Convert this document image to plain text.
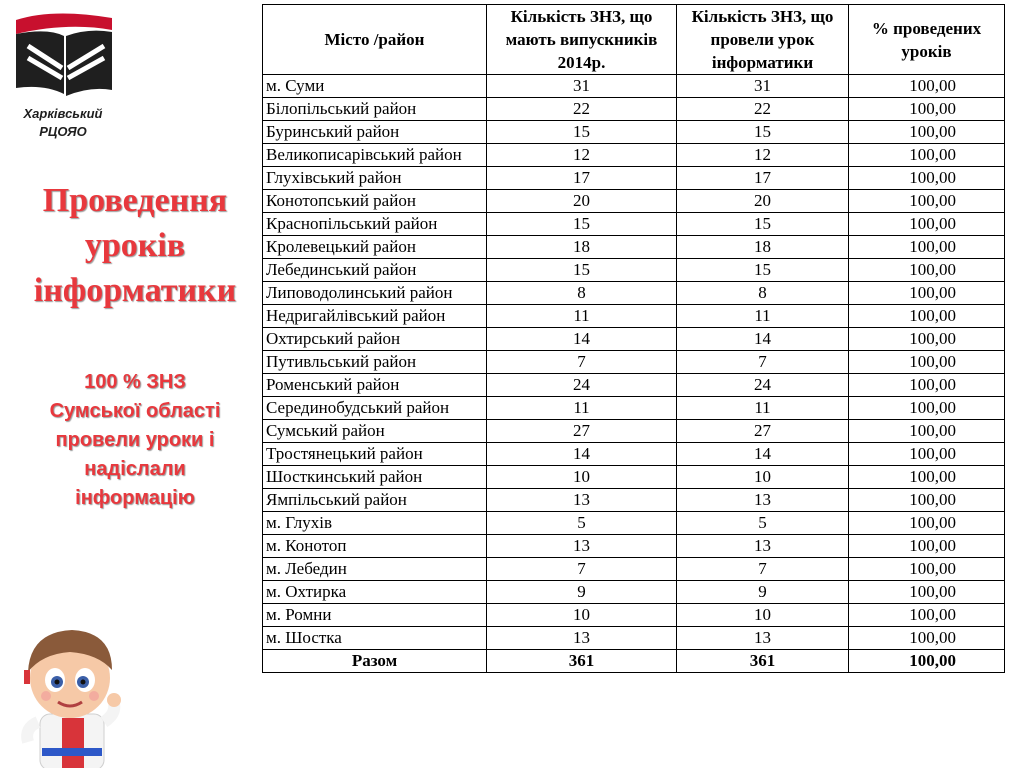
Харківський
РЦОЯО
Проведення
уроків
інформатики
100 % ЗНЗ
Сумської області
провели уроки і
надіслали
інформацію
Місто /район	Кількість ЗНЗ, що мають випускників 2014р.	Кількість ЗНЗ, що провели урок інформатики	% проведених уроків
м. Суми	31	31	100,00
Білопільський район	22	22	100,00
Буринський район	15	15	100,00
Великописарівський район	12	12	100,00
Глухівський район	17	17	100,00
Конотопський район	20	20	100,00
Краснопільський район	15	15	100,00
Кролевецький район	18	18	100,00
Лебединський район	15	15	100,00
Липоводолинський район	8	8	100,00
Недригайлівський район	11	11	100,00
Охтирський район	14	14	100,00
Путивльський район	7	7	100,00
Роменський район	24	24	100,00
Серединобудський район	11	11	100,00
Сумський район	27	27	100,00
Тростянецький район	14	14	100,00
Шосткинський район	10	10	100,00
Ямпільський район	13	13	100,00
м. Глухів	5	5	100,00
м. Конотоп	13	13	100,00
м. Лебедин	7	7	100,00
м. Охтирка	9	9	100,00
м. Ромни	10	10	100,00
м. Шостка	13	13	100,00
Разом	361	361	100,00
